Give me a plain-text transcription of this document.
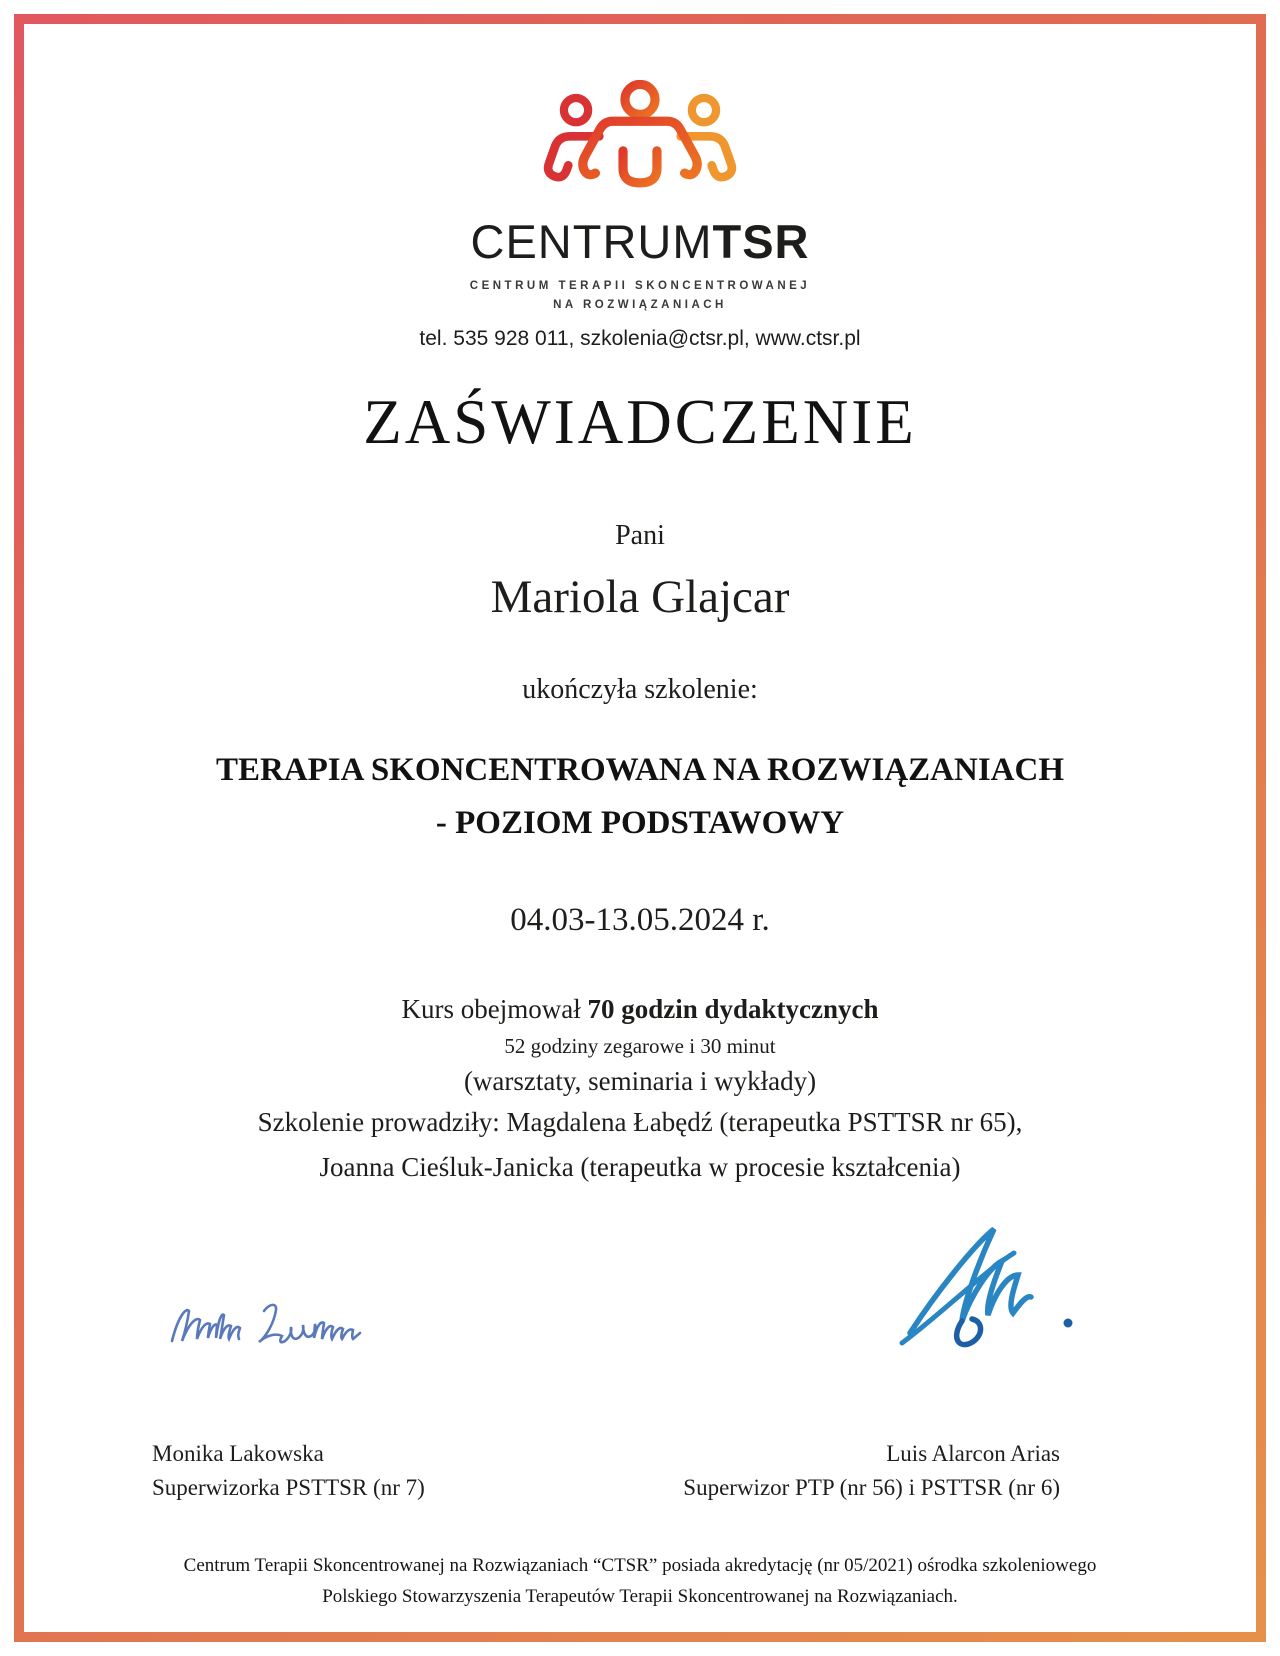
CENTRUMTSR
CENTRUM TERAPII SKONCENTROWANEJ
NA ROZWIĄZANIACH
tel. 535 928 011, szkolenia@ctsr.pl, www.ctsr.pl
ZAŚWIADCZENIE
Pani
Mariola Glajcar
ukończyła szkolenie:
TERAPIA SKONCENTROWANA NA ROZWIĄZANIACH
- POZIOM PODSTAWOWY
04.03-13.05.2024 r.
Kurs obejmował 70 godzin dydaktycznych
52 godziny zegarowe i 30 minut
(warsztaty, seminaria i wykłady)
Szkolenie prowadziły: Magdalena Łabędź (terapeutka PSTTSR nr 65),
Joanna Cieśluk-Janicka (terapeutka w procesie kształcenia)
Monika Lakowska
Superwizorka PSTTSR (nr 7)
Luis Alarcon Arias
Superwizor PTP (nr 56) i PSTTSR (nr 6)
Centrum Terapii Skoncentrowanej na Rozwiązaniach “CTSR” posiada akredytację (nr 05/2021) ośrodka szkoleniowego
Polskiego Stowarzyszenia Terapeutów Terapii Skoncentrowanej na Rozwiązaniach.
